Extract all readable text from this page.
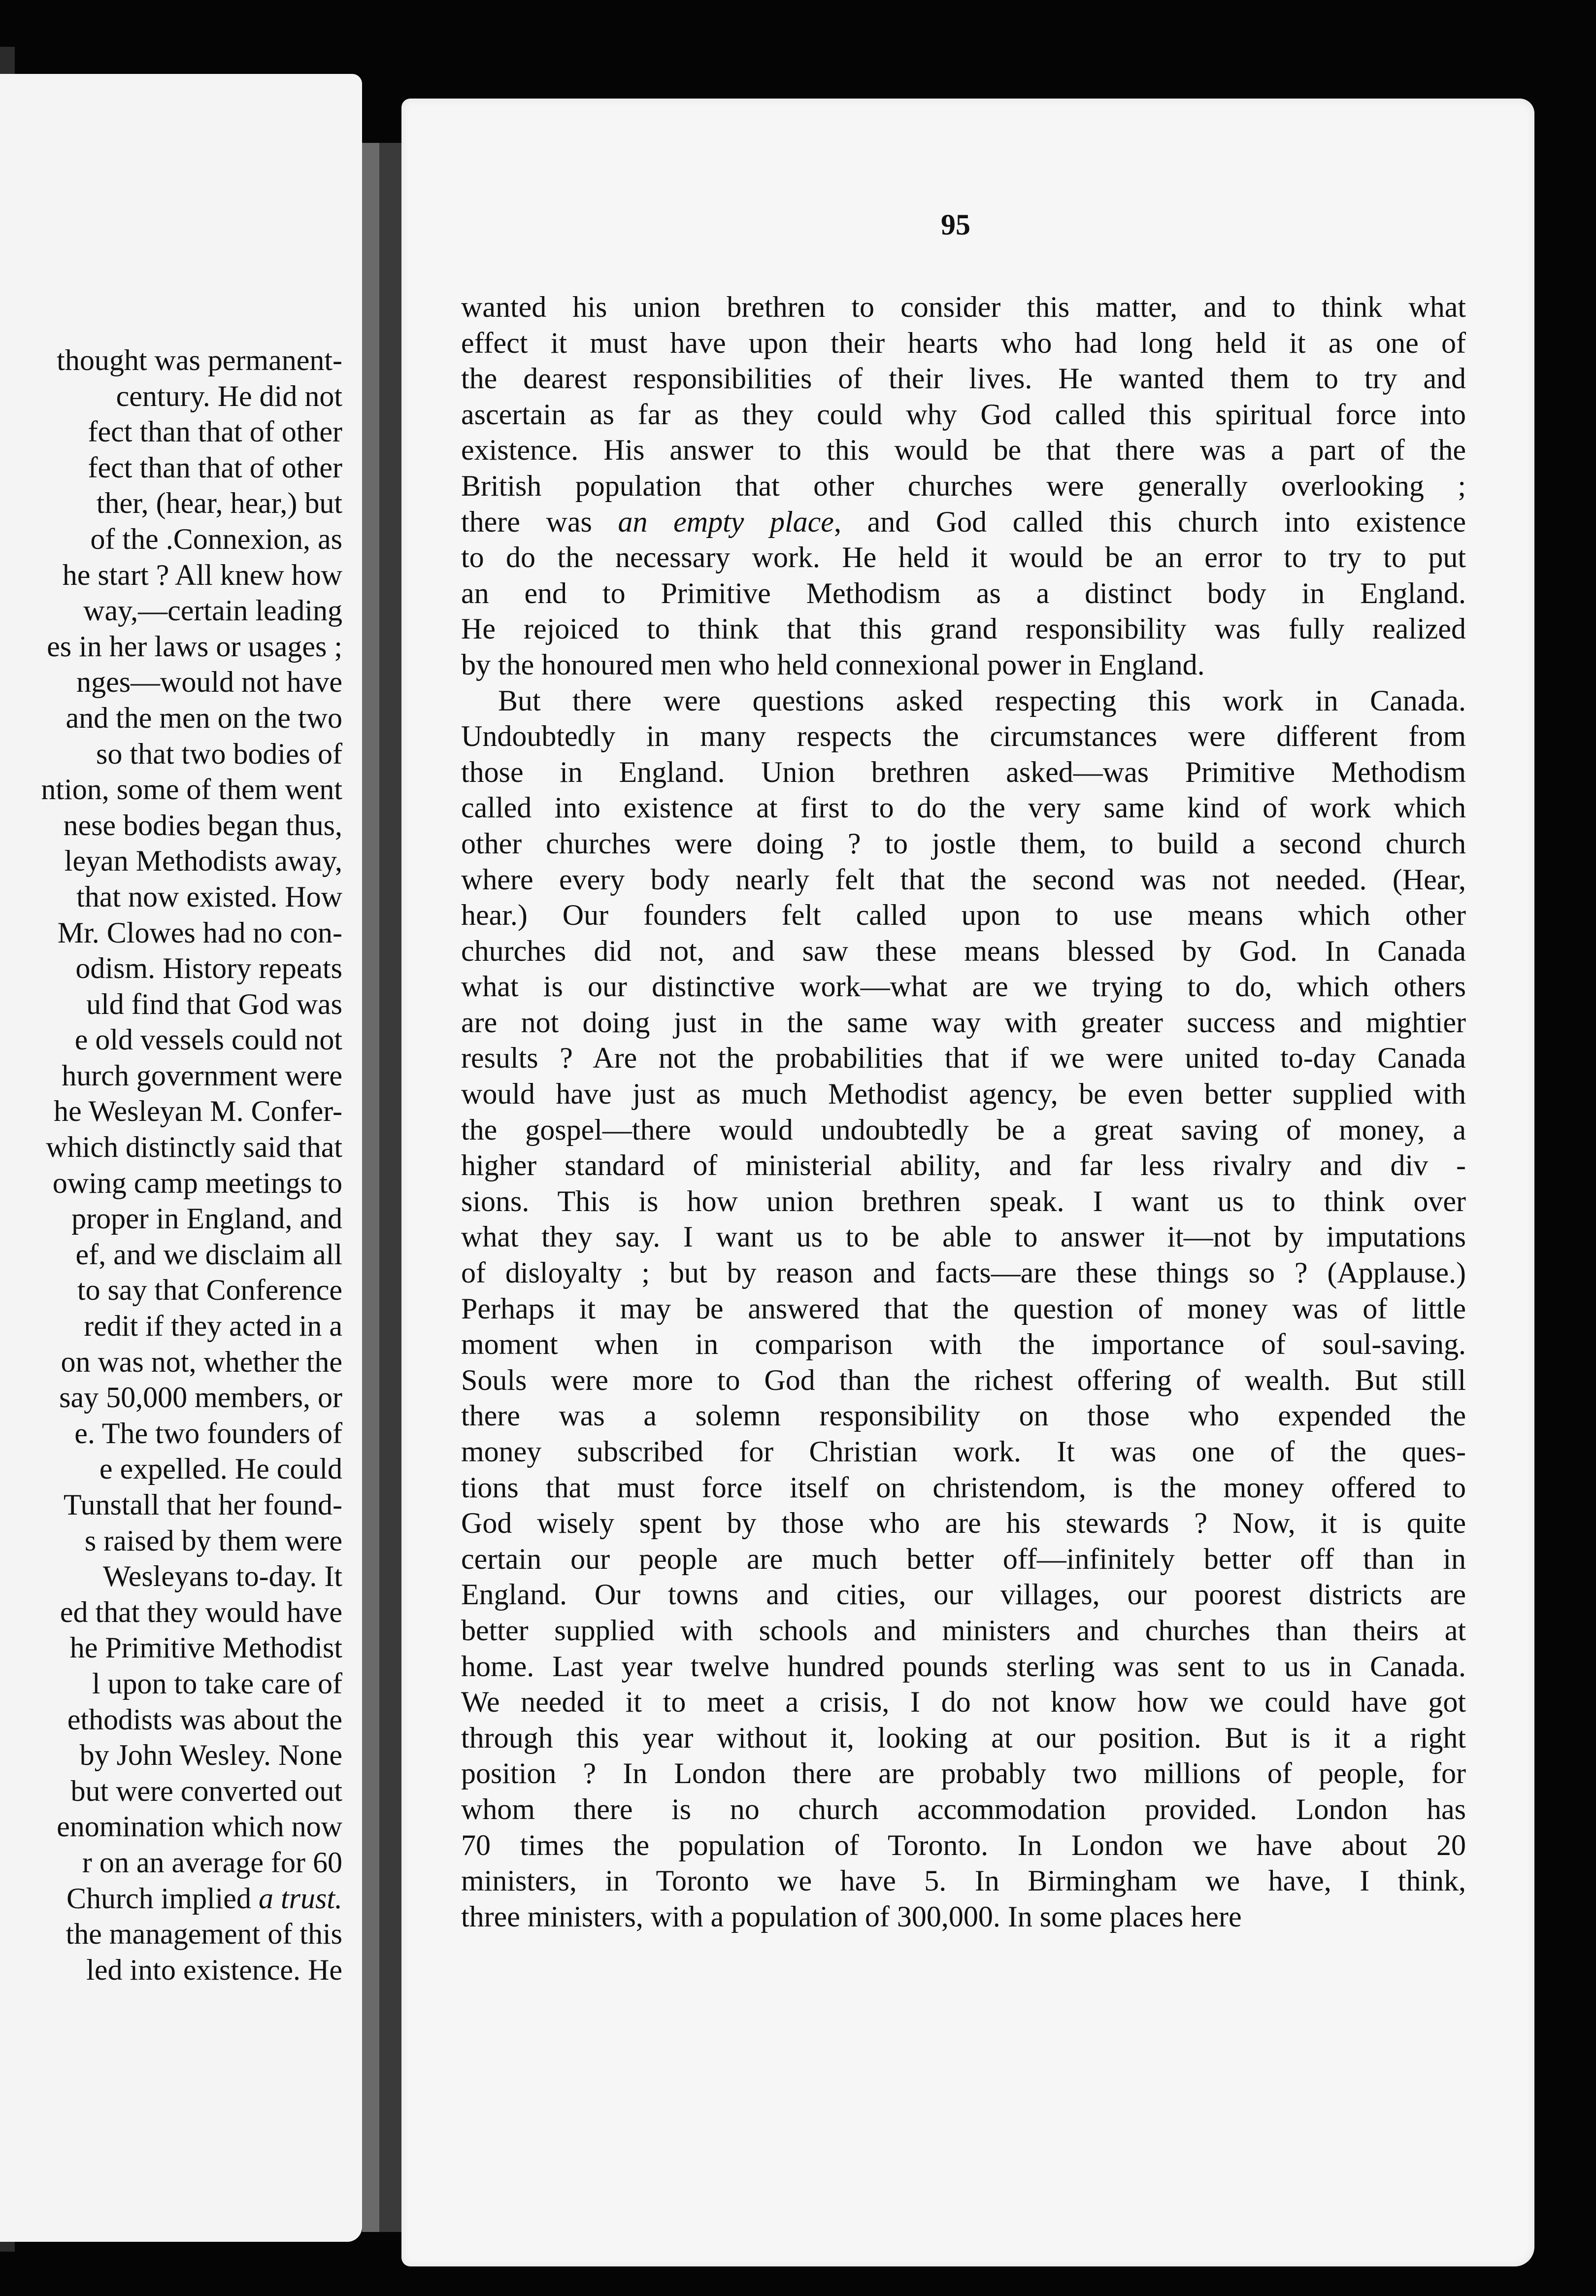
thought was permanent-
century. He did not
fect than that of other
fect than that of other
ther, (hear, hear,) but
of the .Connexion, as
he start ? All knew how
way,—certain leading
es in her laws or usages ;
nges—would not have
and the men on the two
so that two bodies of
ntion, some of them went
nese bodies began thus,
leyan Methodists away,
that now existed. How
Mr. Clowes had no con-
odism. History repeats
uld find that God was
e old vessels could not
hurch government were
he Wesleyan M. Confer-
which distinctly said that
owing camp meetings to
proper in England, and
ef, and we disclaim all
to say that Conference
redit if they acted in a
on was not, whether the
say 50,000 members, or
e. The two founders of
e expelled. He could
Tunstall that her found-
s raised by them were
Wesleyans to-day. It
ed that they would have
he Primitive Methodist
l upon to take care of
ethodists was about the
by John Wesley. None
but were converted out
enomination which now
r on an average for 60
Church implied a trust.
the management of this
led into existence. He
95
wanted his union brethren to consider this matter, and to think what
effect it must have upon their hearts who had long held it as one of
the dearest responsibilities of their lives. He wanted them to try and
ascertain as far as they could why God called this spiritual force into
existence. His answer to this would be that there was a part of the
British population that other churches were generally overlooking ;
there was an empty place, and God called this church into existence
to do the necessary work. He held it would be an error to try to put
an end to Primitive Methodism as a distinct body in England.
He rejoiced to think that this grand responsibility was fully realized
by the honoured men who held connexional power in England.
But there were questions asked respecting this work in Canada.
Undoubtedly in many respects the circumstances were different from
those in England. Union brethren asked—was Primitive Methodism
called into existence at first to do the very same kind of work which
other churches were doing ? to jostle them, to build a second church
where every body nearly felt that the second was not needed. (Hear,
hear.) Our founders felt called upon to use means which other
churches did not, and saw these means blessed by God. In Canada
what is our distinctive work—what are we trying to do, which others
are not doing just in the same way with greater success and mightier
results ? Are not the probabilities that if we were united to-day Canada
would have just as much Methodist agency, be even better supplied with
the gospel—there would undoubtedly be a great saving of money, a
higher standard of ministerial ability, and far less rivalry and div -
sions. This is how union brethren speak. I want us to think over
what they say. I want us to be able to answer it—not by imputations
of disloyalty ; but by reason and facts—are these things so ? (Applause.)
Perhaps it may be answered that the question of money was of little
moment when in comparison with the importance of soul-saving.
Souls were more to God than the richest offering of wealth. But still
there was a solemn responsibility on those who expended the
money subscribed for Christian work. It was one of the ques-
tions that must force itself on christendom, is the money offered to
God wisely spent by those who are his stewards ? Now, it is quite
certain our people are much better off—infinitely better off than in
England. Our towns and cities, our villages, our poorest districts are
better supplied with schools and ministers and churches than theirs at
home. Last year twelve hundred pounds sterling was sent to us in Canada.
We needed it to meet a crisis, I do not know how we could have got
through this year without it, looking at our position. But is it a right
position ? In London there are probably two millions of people, for
whom there is no church accommodation provided. London has
70 times the population of Toronto. In London we have about 20
ministers, in Toronto we have 5. In Birmingham we have, I think,
three ministers, with a population of 300,000. In some places here
